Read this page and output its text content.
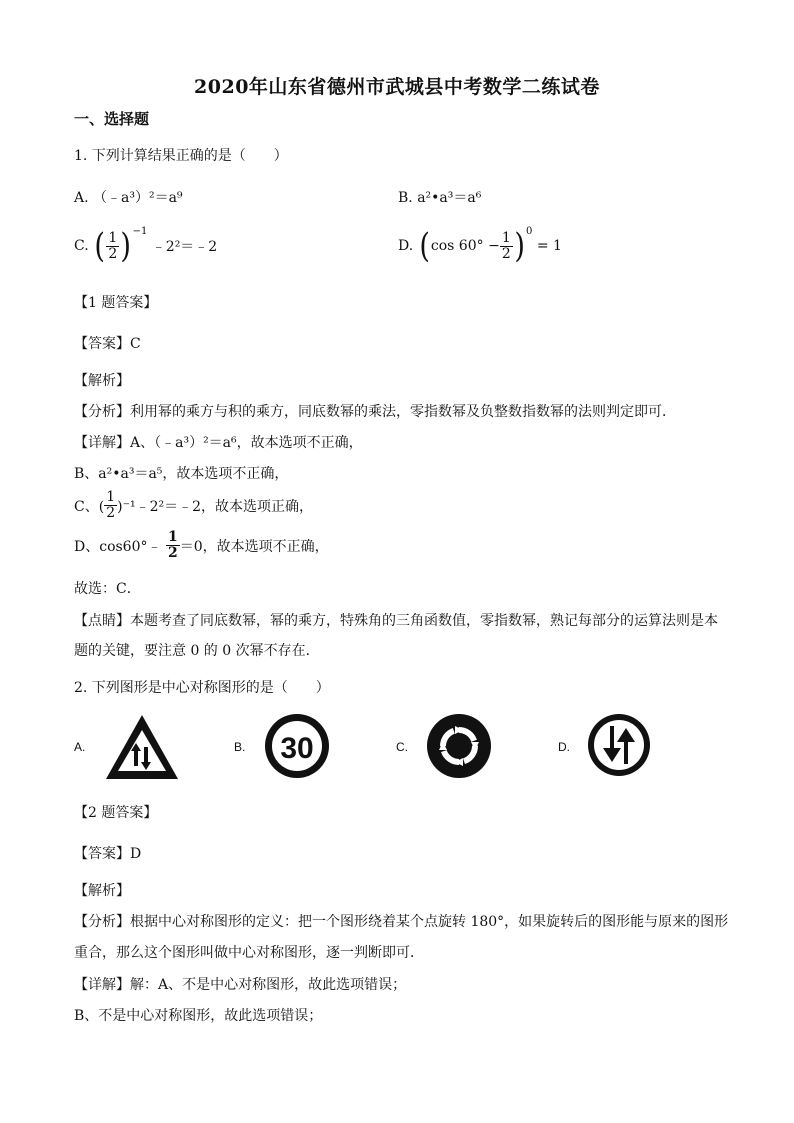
2020年山东省德州市武城县中考数学二练试卷
一、选择题
1. 下列计算结果正确的是（　　）
A. （﹣a³）²＝a⁹	B. a²•a³＝a⁶
C. ( $\frac{1}{2} )^{-1}$ ﹣2²＝﹣2	D. (cos $60^\circ - \frac{1}{2} )^0 = 1$
【1 题答案】
【答案】C
【解析】
【分析】利用幂的乘方与积的乘方，同底数幂的乘法，零指数幂及负整数指数幂的法则判定即可．
【详解】A、（﹣a³）²＝a⁶，故本选项不正确，
B、a²•a³＝a⁵，故本选项不正确，
C、( $\frac{1}{2}$ )⁻¹﹣2²＝﹣2，故本选项正确，
D、cos60°﹣ $\frac{1}{2} =0$，故本选项不正确，
故选：C．
【点睛】本题考查了同底数幂，幂的乘方，特殊角的三角函数值，零指数幂，熟记每部分的运算法则是本
题的关键，要注意 0 的 0 次幂不存在．
2. 下列图形是中心对称图形的是（　　）
A.	B. 30	C.	D.
【2 题答案】
【答案】D
【解析】
【分析】根据中心对称图形的定义：把一个图形绕着某个点旋转 180°，如果旋转后的图形能与原来的图形
重合，那么这个图形叫做中心对称图形，逐一判断即可．
【详解】解：A、不是中心对称图形，故此选项错误；
B、不是中心对称图形，故此选项错误；
